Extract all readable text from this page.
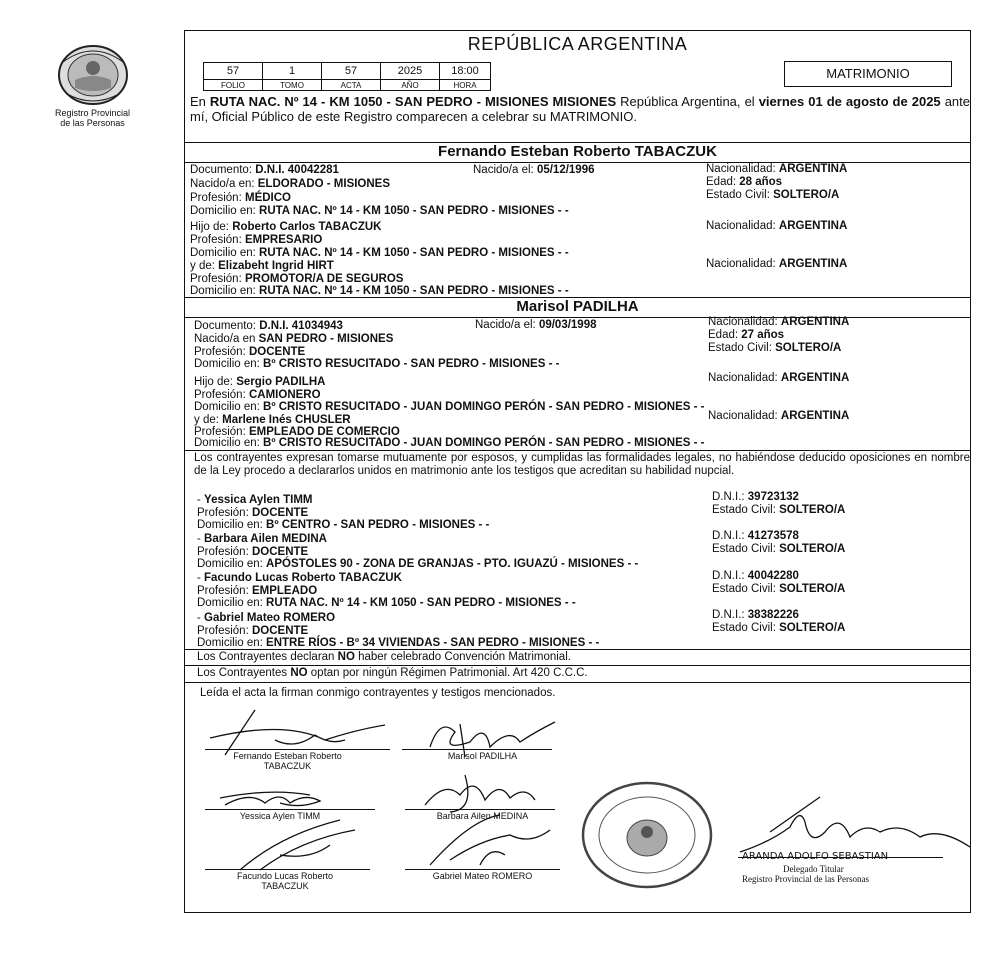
Registro Provincial
de las Personas
REPÚBLICA ARGENTINA
57	1	57	2025	18:00
FOLIO	TOMO	ACTA	AÑO	HORA
MATRIMONIO
En RUTA NAC. Nº 14 - KM 1050 - SAN PEDRO - MISIONES MISIONES República Argentina, el viernes 01 de agosto de 2025 ante mí, Oficial Público de este Registro comparecen a celebrar su MATRIMONIO.
Fernando Esteban Roberto TABACZUK
Documento: D.N.I. 40042281	Nacido/a el: 05/12/1996	Nacionalidad: ARGENTINA
Nacido/a en: ELDORADO - MISIONES	Edad: 28 años
Profesión: MÉDICO	Estado Civil: SOLTERO/A
Domicilio en: RUTA NAC. Nº 14 - KM 1050 - SAN PEDRO - MISIONES - -
Hijo de: Roberto Carlos TABACZUK	Nacionalidad: ARGENTINA
Profesión: EMPRESARIO
Domicilio en: RUTA NAC. Nº 14 - KM 1050 - SAN PEDRO - MISIONES - -
y de: Elizabeht Ingrid HIRT	Nacionalidad: ARGENTINA
Profesión: PROMOTOR/A DE SEGUROS
Domicilio en: RUTA NAC. Nº 14 - KM 1050 - SAN PEDRO - MISIONES - -
Marisol PADILHA
Documento: D.N.I. 41034943	Nacido/a el: 09/03/1998	Nacionalidad: ARGENTINA
Nacido/a en SAN PEDRO - MISIONES	Edad: 27 años
Profesión: DOCENTE	Estado Civil: SOLTERO/A
Domicilio en: Bº CRISTO RESUCITADO - SAN PEDRO - MISIONES - -
Hijo de: Sergio PADILHA	Nacionalidad: ARGENTINA
Profesión: CAMIONERO
Domicilio en: Bº CRISTO RESUCITADO - JUAN DOMINGO PERÓN - SAN PEDRO - MISIONES - -
y de: Marlene Inés CHUSLER	Nacionalidad: ARGENTINA
Profesión: EMPLEADO DE COMERCIO
Domicilio en: Bº CRISTO RESUCITADO - JUAN DOMINGO PERÓN - SAN PEDRO - MISIONES - -
Los contrayentes expresan tomarse mutuamente por esposos, y cumplidas las formalidades legales, no habiéndose deducido oposiciones en nombre de la Ley procedo a declararlos unidos en matrimonio ante los testigos que acreditan su habilidad nupcial.
- Yessica Aylen TIMM	D.N.I.: 39723132
Profesión: DOCENTE	Estado Civil: SOLTERO/A
Domicilio en: Bº CENTRO - SAN PEDRO - MISIONES - -
- Barbara Ailen MEDINA	D.N.I.: 41273578
Profesión: DOCENTE	Estado Civil: SOLTERO/A
Domicilio en: APÓSTOLES 90 - ZONA DE GRANJAS - PTO. IGUAZÚ - MISIONES - -
- Facundo Lucas Roberto TABACZUK	D.N.I.: 40042280
Profesión: EMPLEADO	Estado Civil: SOLTERO/A
Domicilio en: RUTA NAC. Nº 14 - KM 1050 - SAN PEDRO - MISIONES - -
- Gabriel Mateo ROMERO	D.N.I.: 38382226
Profesión: DOCENTE	Estado Civil: SOLTERO/A
Domicilio en: ENTRE RÍOS - Bº 34 VIVIENDAS - SAN PEDRO - MISIONES - -
Los Contrayentes declaran NO haber celebrado Convención Matrimonial.
Los Contrayentes NO optan por ningún Régimen Patrimonial. Art 420 C.C.C.
Leída el acta la firman conmigo contrayentes y testigos mencionados.
Fernando Esteban Roberto
TABACZUK
Marisol PADILHA
Yessica Aylen TIMM	Barbara Ailen MEDINA
Facundo Lucas Roberto
TABACZUK
Gabriel Mateo ROMERO
ARANDA ADOLFO SEBASTIAN
Delegado Titular
Registro Provincial de las Personas
